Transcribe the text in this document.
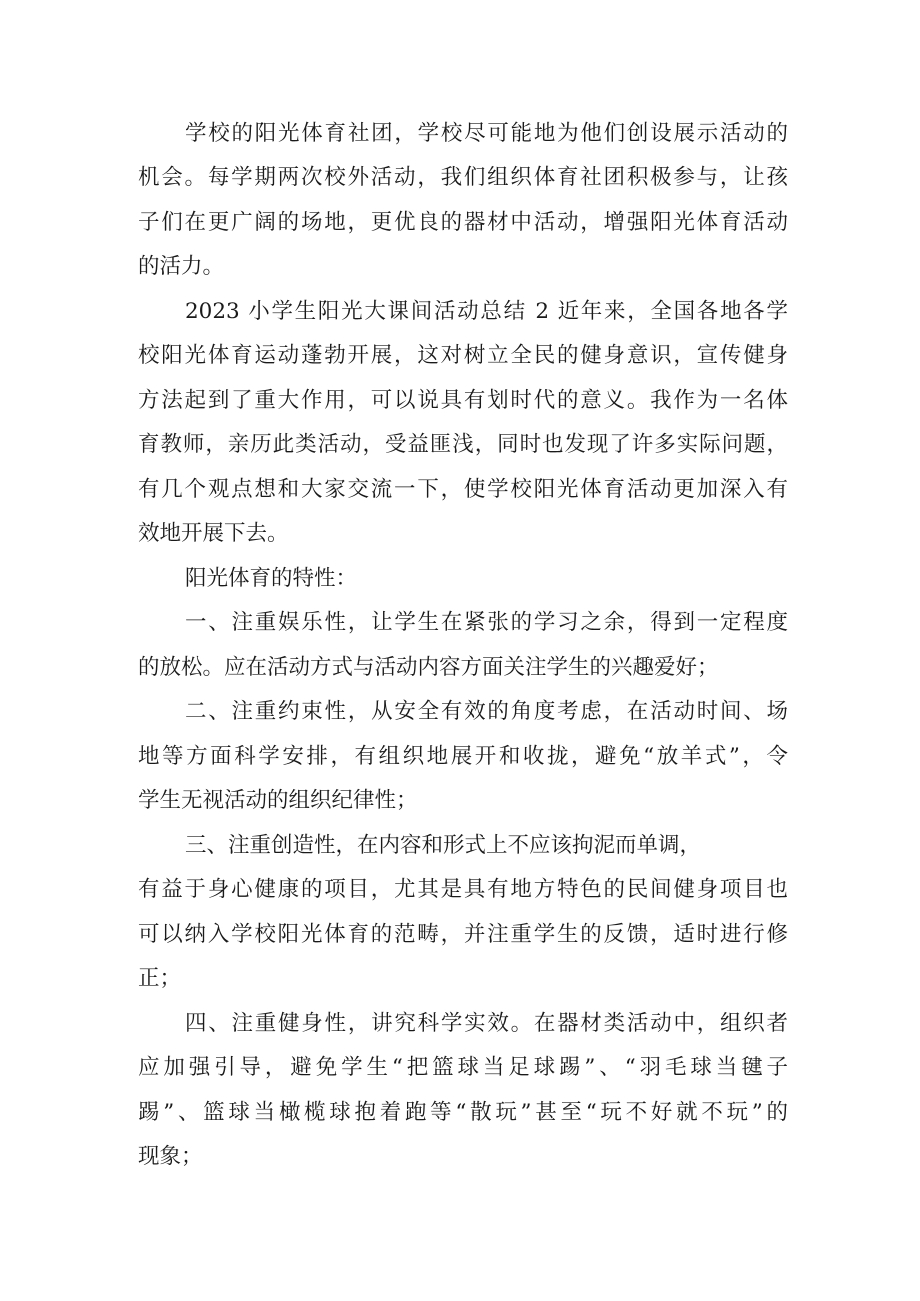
学校的阳光体育社团，学校尽可能地为他们创设展示活动的
机会。每学期两次校外活动，我们组织体育社团积极参与，让孩
子们在更广阔的场地，更优良的器材中活动，增强阳光体育活动
的活力。
2023 小学生阳光大课间活动总结 2 近年来，全国各地各学
校阳光体育运动蓬勃开展，这对树立全民的健身意识，宣传健身
方法起到了重大作用，可以说具有划时代的意义。我作为一名体
育教师，亲历此类活动，受益匪浅，同时也发现了许多实际问题，
有几个观点想和大家交流一下，使学校阳光体育活动更加深入有
效地开展下去。
阳光体育的特性：
一、注重娱乐性，让学生在紧张的学习之余，得到一定程度
的放松。应在活动方式与活动内容方面关注学生的兴趣爱好；
二、注重约束性，从安全有效的角度考虑，在活动时间、场
地等方面科学安排，有组织地展开和收拢，避免“放羊式”，令
学生无视活动的组织纪律性；
三、注重创造性，在内容和形式上不应该拘泥而单调，
有益于身心健康的项目，尤其是具有地方特色的民间健身项目也
可以纳入学校阳光体育的范畴，并注重学生的反馈，适时进行修
正；
四、注重健身性，讲究科学实效。在器材类活动中，组织者
应加强引导，避免学生“把篮球当足球踢”、“羽毛球当毽子
踢”、篮球当橄榄球抱着跑等“散玩”甚至“玩不好就不玩”的
现象；
